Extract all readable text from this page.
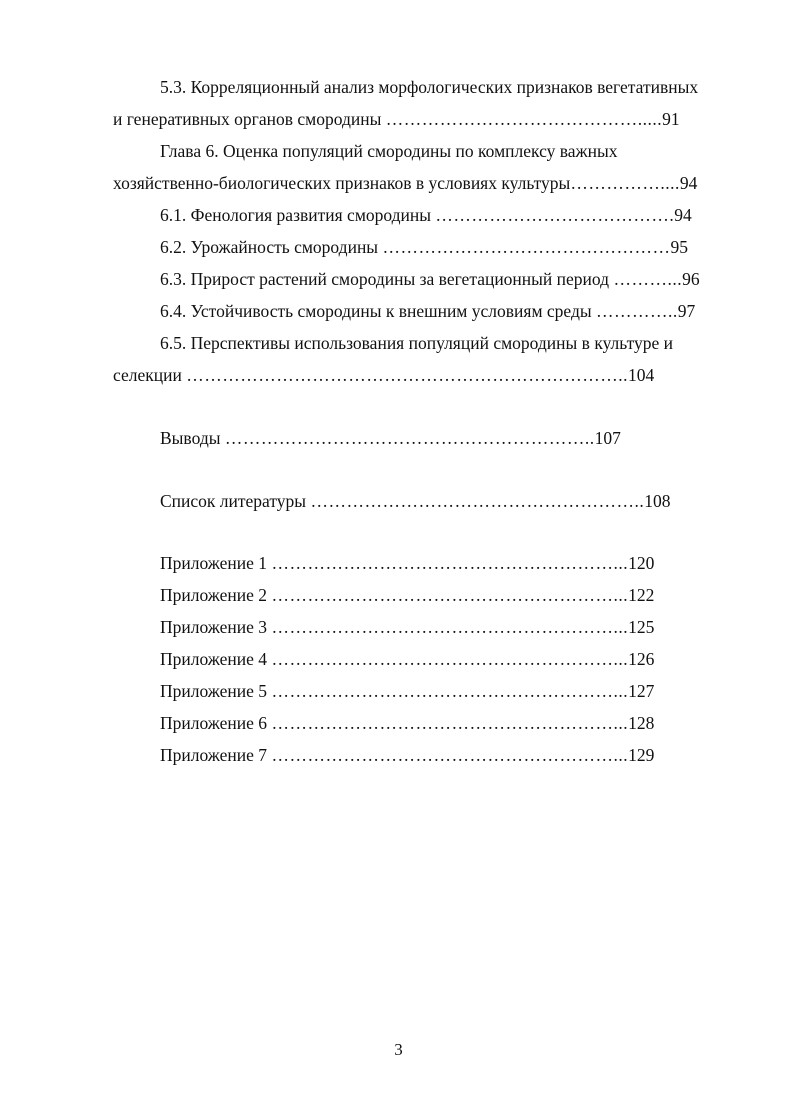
5.3. Корреляционный анализ морфологических признаков вегетативных
и генеративных органов смородины …………………………………….....91
Глава 6. Оценка популяций смородины по комплексу важных
хозяйственно-биологических признаков в условиях культуры……………....94
6.1. Фенология развития смородины ………………………………….94
6.2. Урожайность смородины …………………………………………95
6.3. Прирост растений смородины за вегетационный период ………...96
6.4. Устойчивость смородины к внешним условиям среды …………..97
6.5. Перспективы использования популяций смородины в культуре и
селекции ………………………………………………………………..104
Выводы ……………………………………………………..107
Список литературы ………………………………………………..108
Приложение 1 …………………………………………………...120
Приложение 2 …………………………………………………...122
Приложение 3 …………………………………………………...125
Приложение 4 …………………………………………………...126
Приложение 5 …………………………………………………...127
Приложение 6 …………………………………………………...128
Приложение 7 …………………………………………………...129
3
